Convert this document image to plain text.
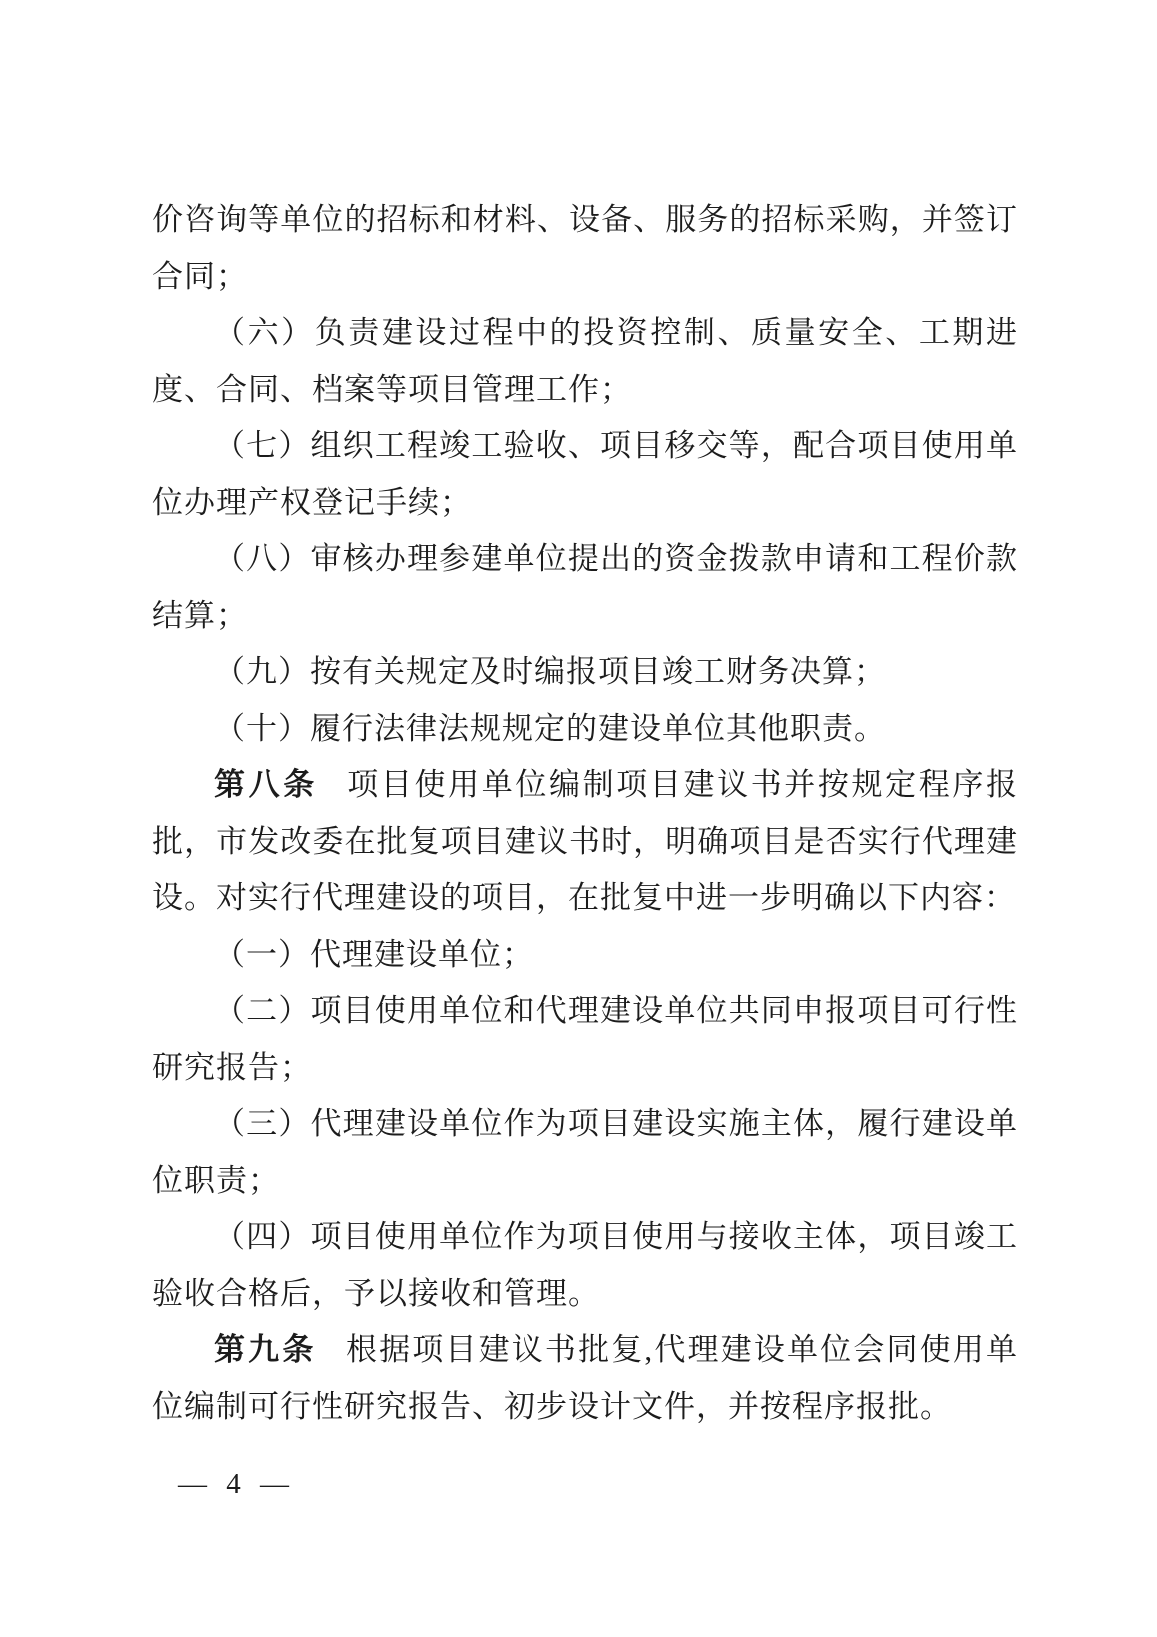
价咨询等单位的招标和材料、设备、服务的招标采购，并签订合同；

（六）负责建设过程中的投资控制、质量安全、工期进度、合同、档案等项目管理工作；

（七）组织工程竣工验收、项目移交等，配合项目使用单位办理产权登记手续；

（八）审核办理参建单位提出的资金拨款申请和工程价款结算；

（九）按有关规定及时编报项目竣工财务决算；

（十）履行法律法规规定的建设单位其他职责。

第八条 项目使用单位编制项目建议书并按规定程序报批，市发改委在批复项目建议书时，明确项目是否实行代理建设。对实行代理建设的项目，在批复中进一步明确以下内容：

（一）代理建设单位；

（二）项目使用单位和代理建设单位共同申报项目可行性研究报告；

（三）代理建设单位作为项目建设实施主体，履行建设单位职责；

（四）项目使用单位作为项目使用与接收主体，项目竣工验收合格后，予以接收和管理。

第九条 根据项目建议书批复,代理建设单位会同使用单位编制可行性研究报告、初步设计文件，并按程序报批。

— 4 —
